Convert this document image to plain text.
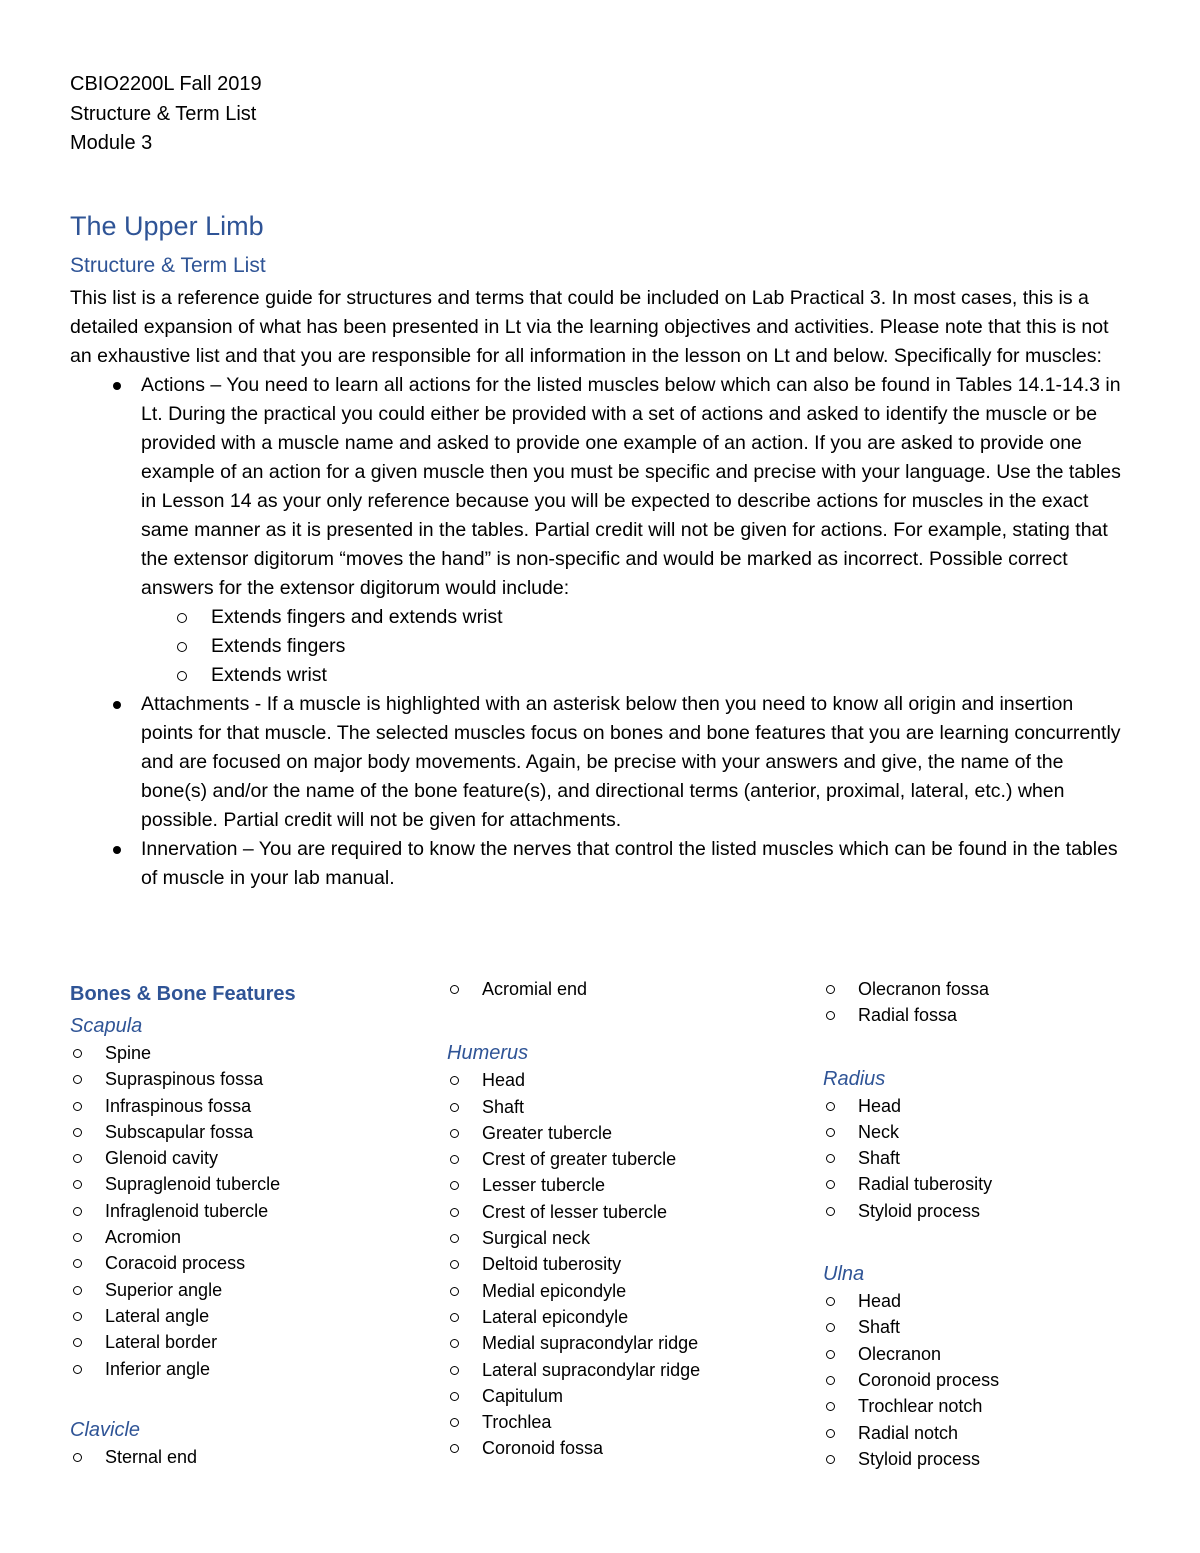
CBIO2200L Fall 2019
Structure & Term List
Module 3
The Upper Limb
Structure & Term List

This list is a reference guide for structures and terms that could be included on Lab Practical 3. In most cases, this is a detailed expansion of what has been presented in Lt via the learning objectives and activities. Please note that this is not an exhaustive list and that you are responsible for all information in the lesson on Lt and below. Specifically for muscles:

Actions – You need to learn all actions for the listed muscles below which can also be found in Tables 14.1-14.3 in Lt. During the practical you could either be provided with a set of actions and asked to identify the muscle or be provided with a muscle name and asked to provide one example of an action. If you are asked to provide one example of an action for a given muscle then you must be specific and precise with your language. Use the tables in Lesson 14 as your only reference because you will be expected to describe actions for muscles in the exact same manner as it is presented in the tables. Partial credit will not be given for actions. For example, stating that the extensor digitorum “moves the hand” is non-specific and would be marked as incorrect. Possible correct answers for the extensor digitorum would include:
Extends fingers and extends wrist
Extends fingers
Extends wrist
Attachments - If a muscle is highlighted with an asterisk below then you need to know all origin and insertion points for that muscle. The selected muscles focus on bones and bone features that you are learning concurrently and are focused on major body movements. Again, be precise with your answers and give, the name of the bone(s) and/or the name of the bone feature(s), and directional terms (anterior, proximal, lateral, etc.) when possible. Partial credit will not be given for attachments.
Innervation – You are required to know the nerves that control the listed muscles which can be found in the tables of muscle in your lab manual.
Bones & Bone Features
Scapula
Spine
Supraspinous fossa
Infraspinous fossa
Subscapular fossa
Glenoid cavity
Supraglenoid tubercle
Infraglenoid tubercle
Acromion
Coracoid process
Superior angle
Lateral angle
Lateral border
Inferior angle
Clavicle
Sternal end
Acromial end
Humerus
Head
Shaft
Greater tubercle
Crest of greater tubercle
Lesser tubercle
Crest of lesser tubercle
Surgical neck
Deltoid tuberosity
Medial epicondyle
Lateral epicondyle
Medial supracondylar ridge
Lateral supracondylar ridge
Capitulum
Trochlea
Coronoid fossa
Olecranon fossa
Radial fossa
Radius
Head
Neck
Shaft
Radial tuberosity
Styloid process
Ulna
Head
Shaft
Olecranon
Coronoid process
Trochlear notch
Radial notch
Styloid process
